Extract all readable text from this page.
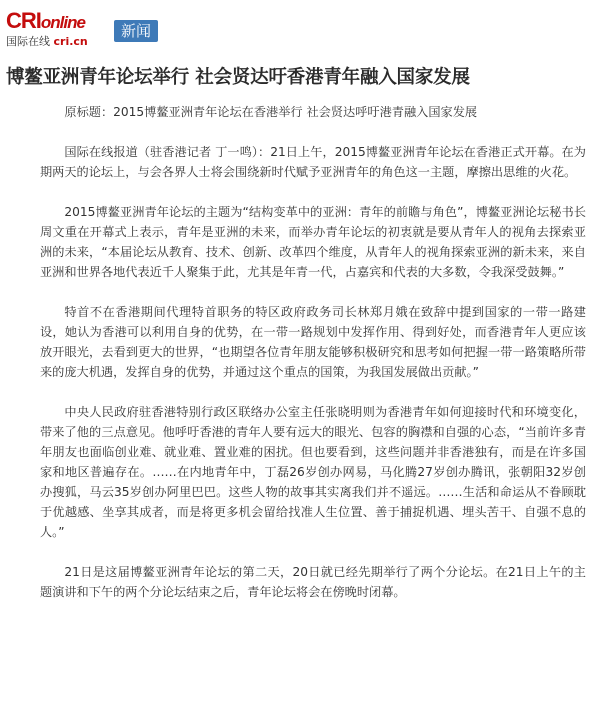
CRIonline
国际在线 cri.cn
新闻
博鳌亚洲青年论坛举行 社会贤达吁香港青年融入国家发展

原标题：2015博鳌亚洲青年论坛在香港举行 社会贤达呼吁港青融入国家发展

国际在线报道（驻香港记者 丁一鸣）：21日上午，2015博鳌亚洲青年论坛在香港正式开幕。在为期两天的论坛上，与会各界人士将会围绕新时代赋予亚洲青年的角色这一主题，摩擦出思维的火花。

2015博鳌亚洲青年论坛的主题为“结构变革中的亚洲：青年的前瞻与角色”，博鳌亚洲论坛秘书长周文重在开幕式上表示，青年是亚洲的未来，而举办青年论坛的初衷就是要从青年人的视角去探索亚洲的未来，“本届论坛从教育、技术、创新、改革四个维度，从青年人的视角探索亚洲的新未来，来自亚洲和世界各地代表近千人聚集于此，尤其是年青一代，占嘉宾和代表的大多数，令我深受鼓舞。”

特首不在香港期间代理特首职务的特区政府政务司长林郑月娥在致辞中提到国家的一带一路建设，她认为香港可以利用自身的优势，在一带一路规划中发挥作用、得到好处，而香港青年人更应该放开眼光，去看到更大的世界，“也期望各位青年朋友能够积极研究和思考如何把握一带一路策略所带来的庞大机遇，发挥自身的优势，并通过这个重点的国策，为我国发展做出贡献。”

中央人民政府驻香港特别行政区联络办公室主任张晓明则为香港青年如何迎接时代和环境变化，带来了他的三点意见。他呼吁香港的青年人要有远大的眼光、包容的胸襟和自强的心态，“当前许多青年朋友也面临创业难、就业难、置业难的困扰。但也要看到，这些问题并非香港独有，而是在许多国家和地区普遍存在。……在内地青年中，丁磊26岁创办网易，马化腾27岁创办腾讯，张朝阳32岁创办搜狐，马云35岁创办阿里巴巴。这些人物的故事其实离我们并不遥远。……生活和命运从不眷顾耽于优越感、坐享其成者，而是将更多机会留给找准人生位置、善于捕捉机遇、埋头苦干、自强不息的人。”

21日是这届博鳌亚洲青年论坛的第二天，20日就已经先期举行了两个分论坛。在21日上午的主题演讲和下午的两个分论坛结束之后，青年论坛将会在傍晚时闭幕。
